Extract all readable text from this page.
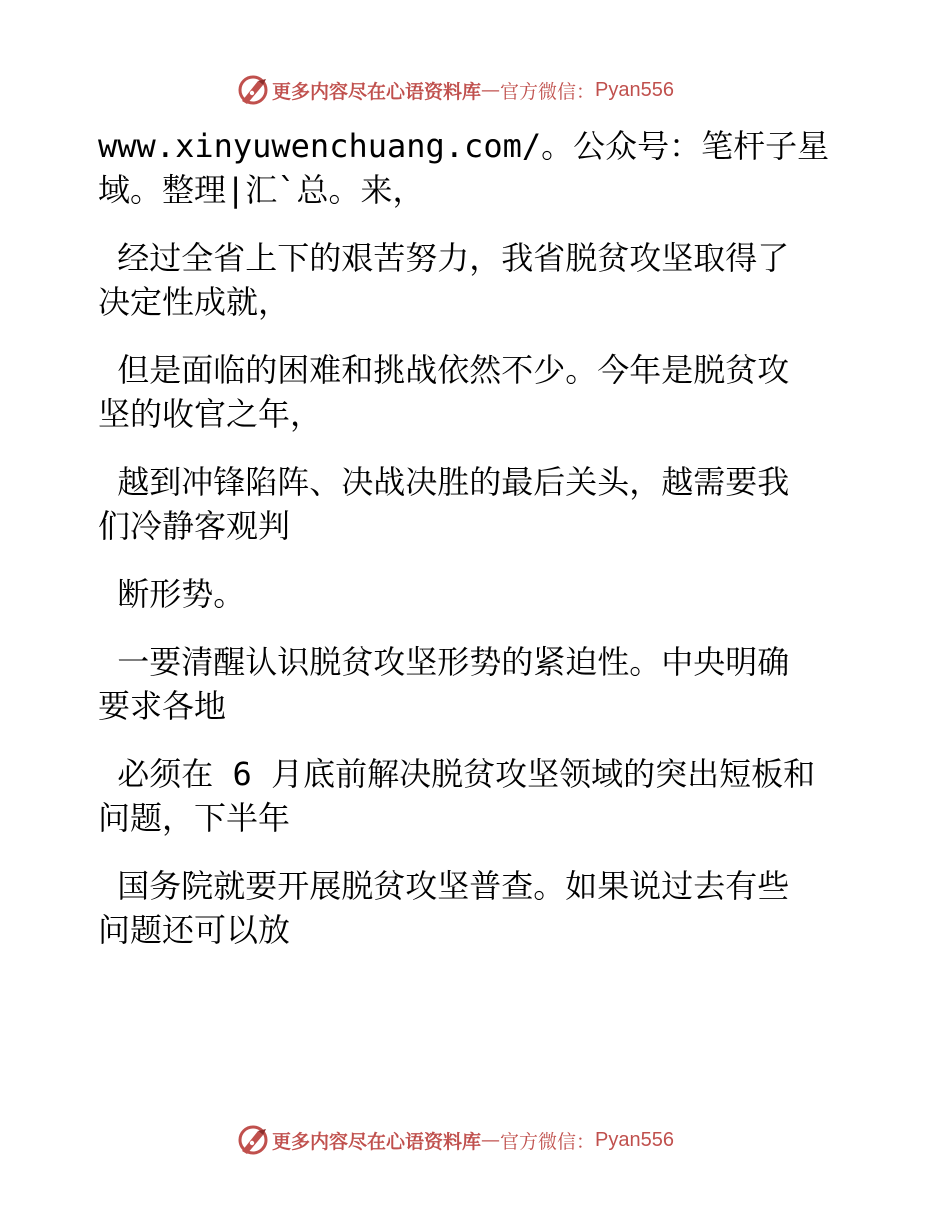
更多内容尽在心语资料库 — 官方微信： Pyan556
www.xinyuwenchuang.com/。公众号：笔杆子星
域。整理|汇`总。来，
经过全省上下的艰苦努力，我省脱贫攻坚取得了
决定性成就，
但是面临的困难和挑战依然不少。今年是脱贫攻
坚的收官之年，
越到冲锋陷阵、决战决胜的最后关头，越需要我
们冷静客观判
断形势。
一要清醒认识脱贫攻坚形势的紧迫性。中央明确
要求各地
必须在 6 月底前解决脱贫攻坚领域的突出短板和
问题，下半年
国务院就要开展脱贫攻坚普查。如果说过去有些
问题还可以放
更多内容尽在心语资料库 — 官方微信： Pyan556
